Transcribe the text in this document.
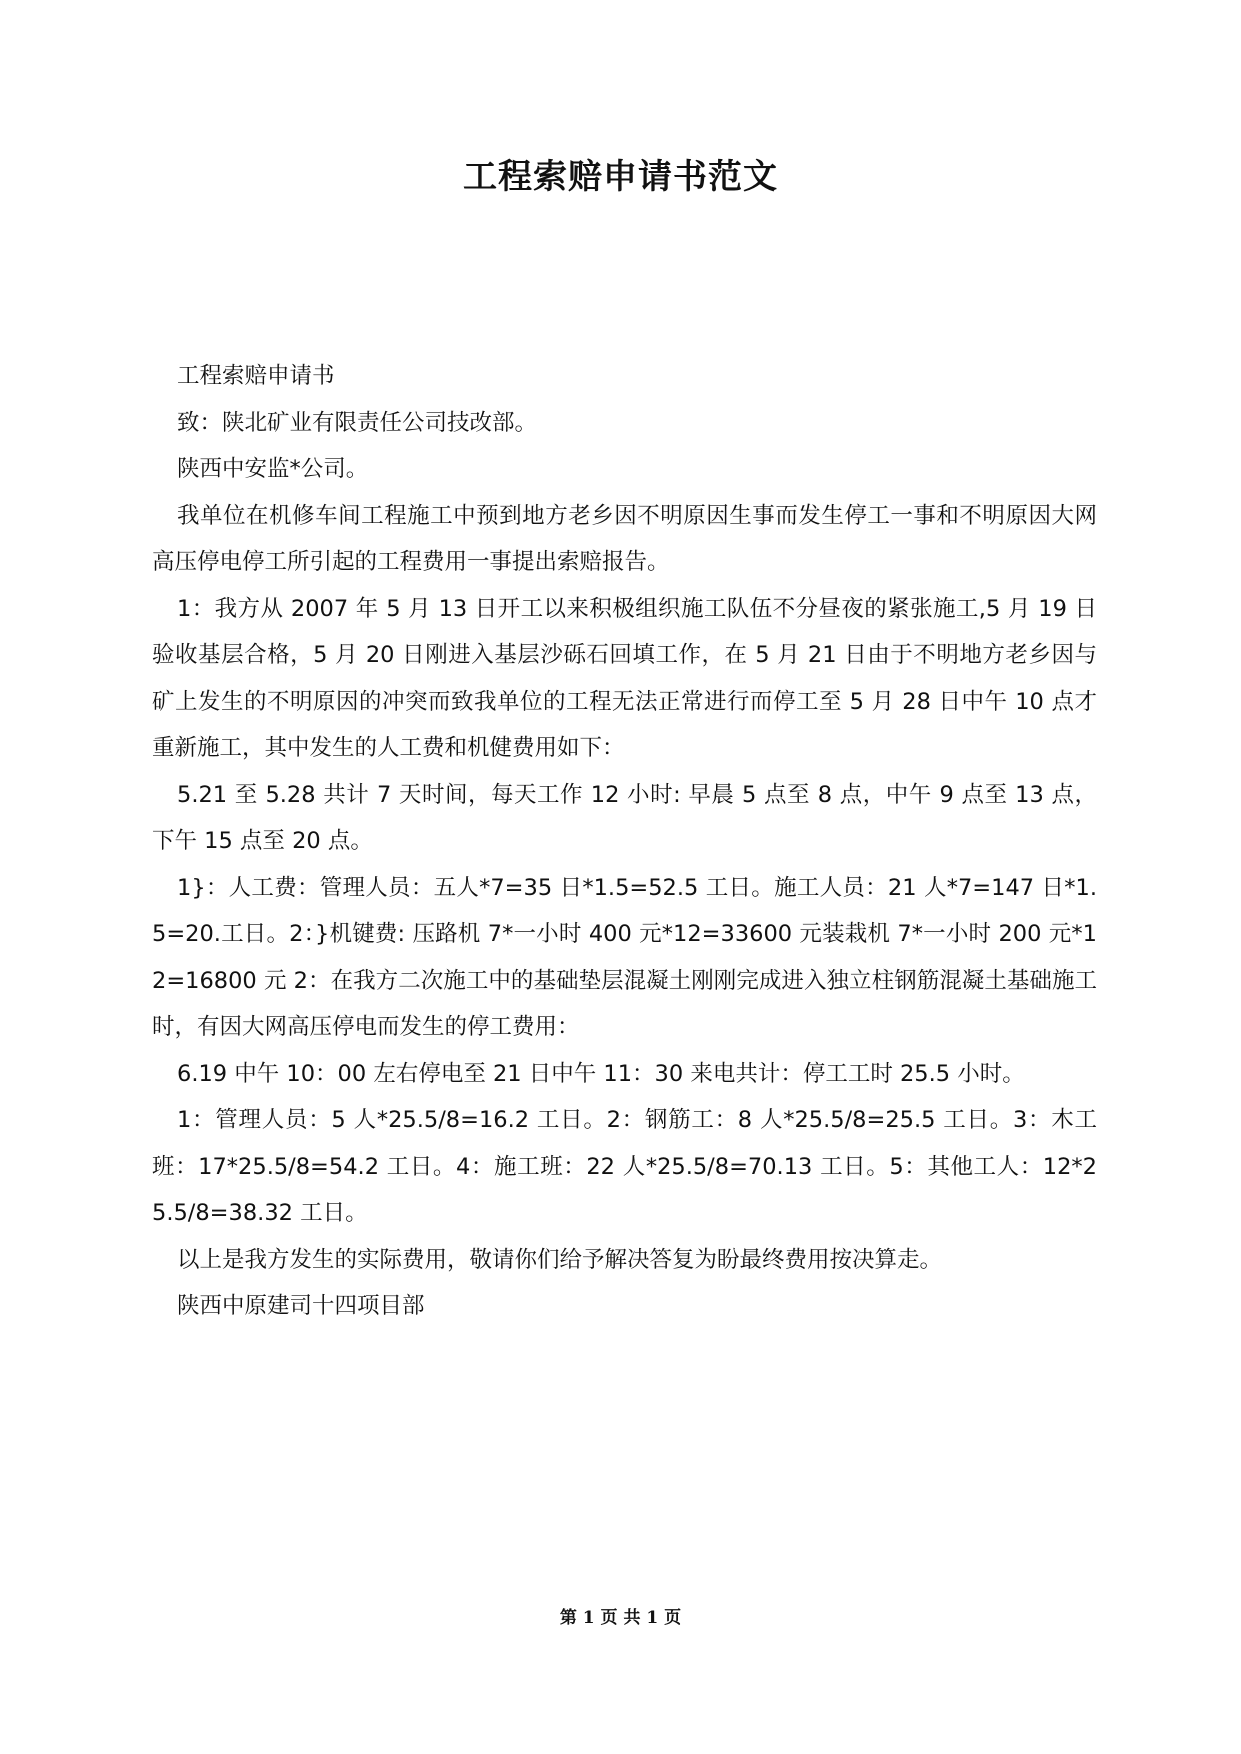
工程索赔申请书范文

工程索赔申请书

致：陕北矿业有限责任公司技改部。

陕西中安监*公司。

我单位在机修车间工程施工中预到地方老乡因不明原因生事而发生停工一事和不明原因大网高压停电停工所引起的工程费用一事提出索赔报告。

1：我方从 2007 年 5 月 13 日开工以来积极组织施工队伍不分昼夜的紧张施工,5 月 19 日验收基层合格，5 月 20 日刚进入基层沙砾石回填工作，在 5 月 21 日由于不明地方老乡因与矿上发生的不明原因的冲突而致我单位的工程无法正常进行而停工至 5 月 28 日中午 10 点才重新施工，其中发生的人工费和机健费用如下：

5.21 至 5.28 共计 7 天时间，每天工作 12 小时: 早晨 5 点至 8 点，中午 9 点至 13 点，下午 15 点至 20 点。

1}：人工费：管理人员：五人*7=35 日*1.5=52.5 工日。施工人员：21 人*7=147 日*1.5=20.工日。2：}机键费: 压路机 7*一小时 400 元*12=33600 元装栽机 7*一小时 200 元*12=16800 元 2：在我方二次施工中的基础垫层混凝土刚刚完成进入独立柱钢筋混凝土基础施工时，有因大网高压停电而发生的停工费用：

6.19 中午 10：00 左右停电至 21 日中午 11：30 来电共计：停工工时 25.5 小时。

1：管理人员：5 人*25.5/8=16.2 工日。2：钢筋工：8 人*25.5/8=25.5 工日。3：木工班：17*25.5/8=54.2 工日。4：施工班：22 人*25.5/8=70.13 工日。5：其他工人：12*25.5/8=38.32 工日。

以上是我方发生的实际费用，敬请你们给予解决答复为盼最终费用按决算走。

陕西中原建司十四项目部

第 1 页 共 1 页
